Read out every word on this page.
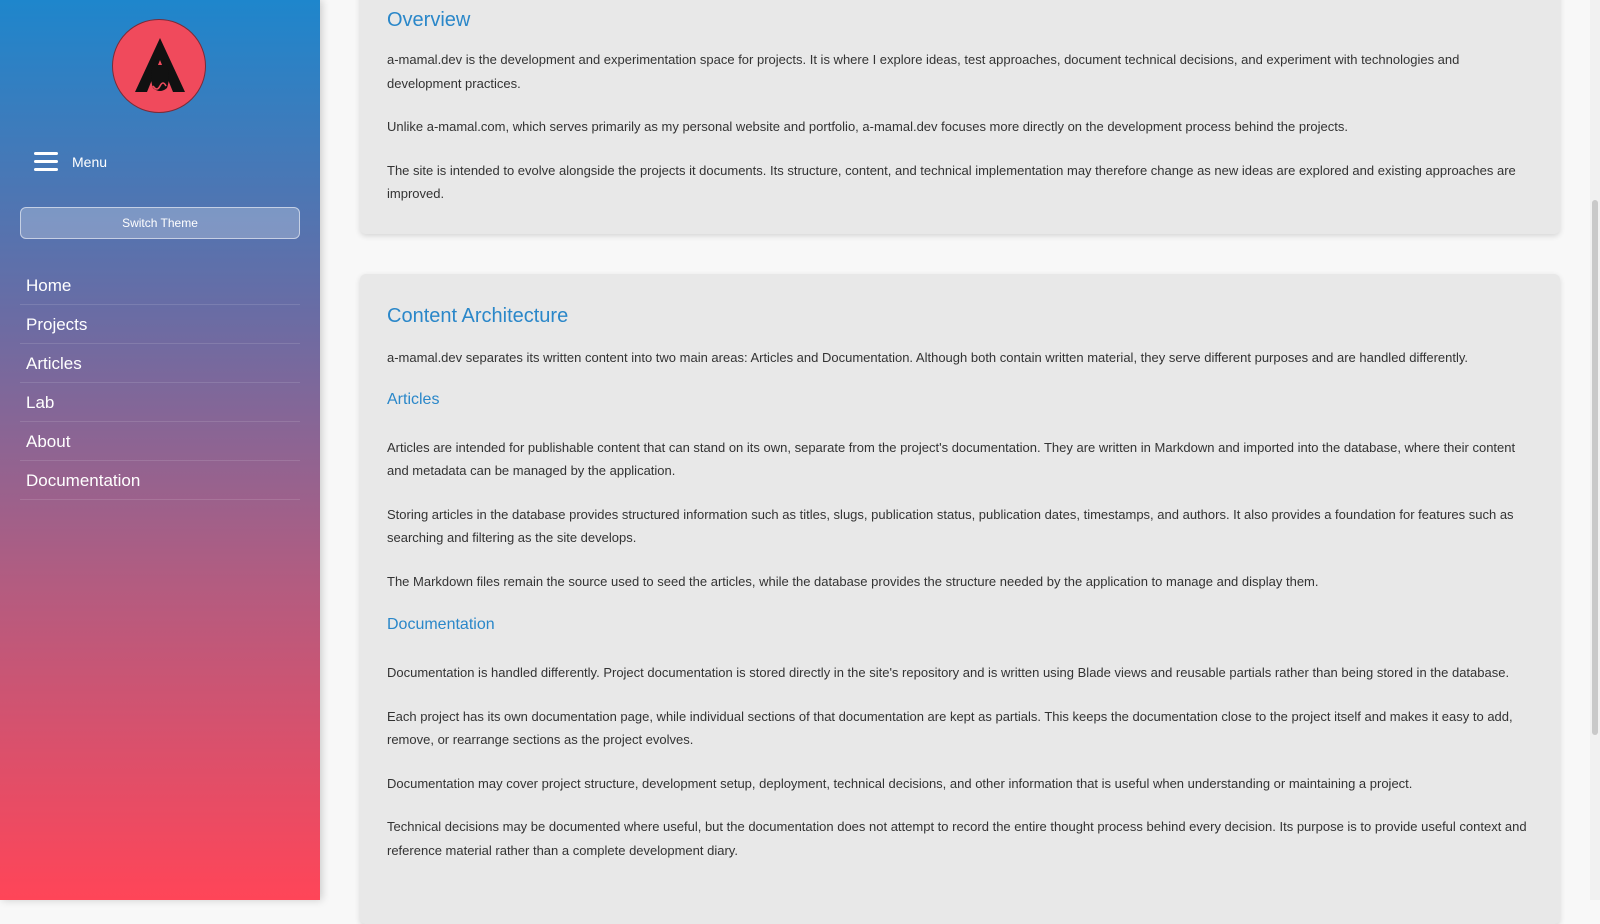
Menu
Switch Theme
Home
Projects
Articles
Lab
About
Documentation
Overview

a-mamal.dev is the development and experimentation space for projects. It is where I explore ideas, test approaches, document technical decisions, and experiment with technologies and development practices.

Unlike a-mamal.com, which serves primarily as my personal website and portfolio, a-mamal.dev focuses more directly on the development process behind the projects.

The site is intended to evolve alongside the projects it documents. Its structure, content, and technical implementation may therefore change as new ideas are explored and existing approaches are improved.

Content Architecture

a-mamal.dev separates its written content into two main areas: Articles and Documentation. Although both contain written material, they serve different purposes and are handled differently.

Articles

Articles are intended for publishable content that can stand on its own, separate from the project's documentation. They are written in Markdown and imported into the database, where their content and metadata can be managed by the application.

Storing articles in the database provides structured information such as titles, slugs, publication status, publication dates, timestamps, and authors. It also provides a foundation for features such as searching and filtering as the site develops.

The Markdown files remain the source used to seed the articles, while the database provides the structure needed by the application to manage and display them.

Documentation

Documentation is handled differently. Project documentation is stored directly in the site's repository and is written using Blade views and reusable partials rather than being stored in the database.

Each project has its own documentation page, while individual sections of that documentation are kept as partials. This keeps the documentation close to the project itself and makes it easy to add, remove, or rearrange sections as the project evolves.

Documentation may cover project structure, development setup, deployment, technical decisions, and other information that is useful when understanding or maintaining a project.

Technical decisions may be documented where useful, but the documentation does not attempt to record the entire thought process behind every decision. Its purpose is to provide useful context and reference material rather than a complete development diary.
